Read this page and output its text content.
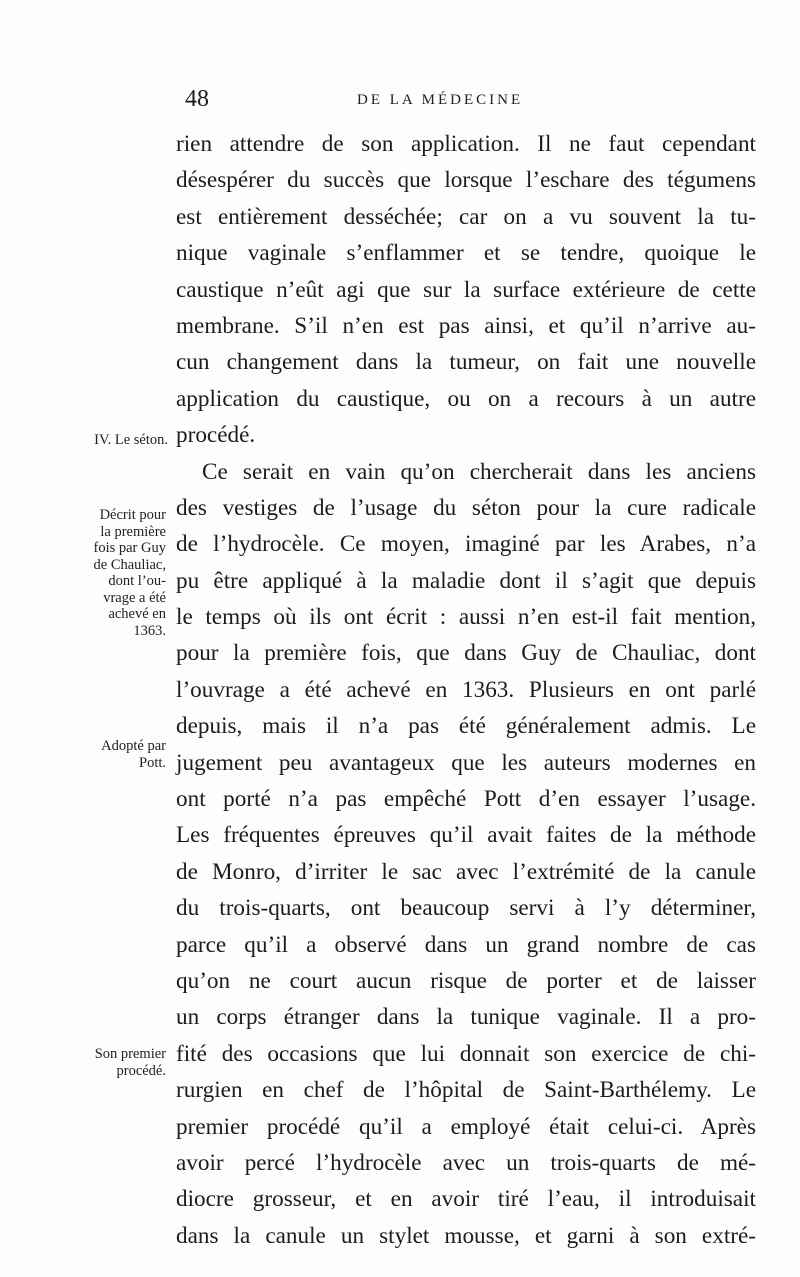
48	DE LA MÉDECINE
IV. Le séton.
Décrit pour
la première
fois par Guy
de Chauliac,
dont l’ou-
vrage a été
achevé en
1363.
Adopté par
Pott.
Son premier
procédé.
rien attendre de son application. Il ne faut cependant
désespérer du succès que lorsque l’eschare des tégumens
est entièrement desséchée; car on a vu souvent la tu-
nique vaginale s’enflammer et se tendre, quoique le
caustique n’eût agi que sur la surface extérieure de cette
membrane. S’il n’en est pas ainsi, et qu’il n’arrive au-
cun changement dans la tumeur, on fait une nouvelle
application du caustique, ou on a recours à un autre
procédé.
Ce serait en vain qu’on chercherait dans les anciens
des vestiges de l’usage du séton pour la cure radicale
de l’hydrocèle. Ce moyen, imaginé par les Arabes, n’a
pu être appliqué à la maladie dont il s’agit que depuis
le temps où ils ont écrit : aussi n’en est-il fait mention,
pour la première fois, que dans Guy de Chauliac, dont
l’ouvrage a été achevé en 1363. Plusieurs en ont parlé
depuis, mais il n’a pas été généralement admis. Le
jugement peu avantageux que les auteurs modernes en
ont porté n’a pas empêché Pott d’en essayer l’usage.
Les fréquentes épreuves qu’il avait faites de la méthode
de Monro, d’irriter le sac avec l’extrémité de la canule
du trois-quarts, ont beaucoup servi à l’y déterminer,
parce qu’il a observé dans un grand nombre de cas
qu’on ne court aucun risque de porter et de laisser
un corps étranger dans la tunique vaginale. Il a pro-
fité des occasions que lui donnait son exercice de chi-
rurgien en chef de l’hôpital de Saint-Barthélemy. Le
premier procédé qu’il a employé était celui-ci. Après
avoir percé l’hydrocèle avec un trois-quarts de mé-
diocre grosseur, et en avoir tiré l’eau, il introduisait
dans la canule un stylet mousse, et garni à son extré-
